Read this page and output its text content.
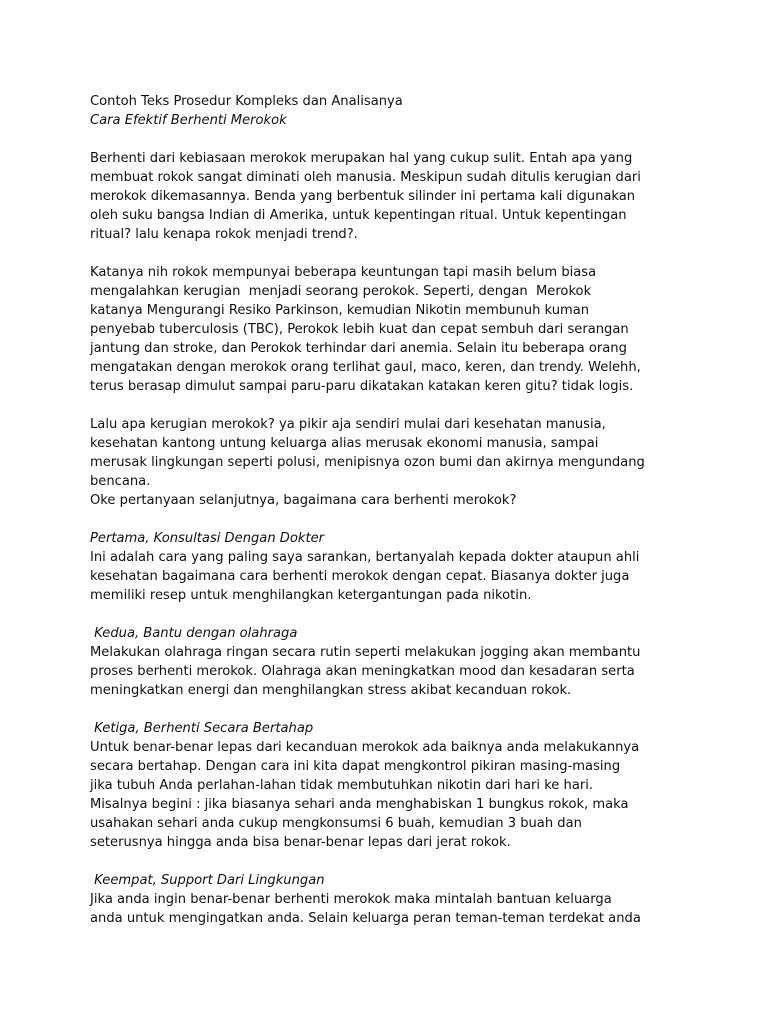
Contoh Teks Prosedur Kompleks dan Analisanya
Cara Efektif Berhenti Merokok
Berhenti dari kebiasaan merokok merupakan hal yang cukup sulit. Entah apa yang
membuat rokok sangat diminati oleh manusia. Meskipun sudah ditulis kerugian dari
merokok dikemasannya. Benda yang berbentuk silinder ini pertama kali digunakan
oleh suku bangsa Indian di Amerika, untuk kepentingan ritual. Untuk kepentingan
ritual? lalu kenapa rokok menjadi trend?.
Katanya nih rokok mempunyai beberapa keuntungan tapi masih belum biasa
mengalahkan kerugian  menjadi seorang perokok. Seperti, dengan  Merokok
katanya Mengurangi Resiko Parkinson, kemudian Nikotin membunuh kuman
penyebab tuberculosis (TBC), Perokok lebih kuat dan cepat sembuh dari serangan
jantung dan stroke, dan Perokok terhindar dari anemia. Selain itu beberapa orang
mengatakan dengan merokok orang terlihat gaul, maco, keren, dan trendy. Welehh,
terus berasap dimulut sampai paru-paru dikatakan katakan keren gitu? tidak logis.
Lalu apa kerugian merokok? ya pikir aja sendiri mulai dari kesehatan manusia,
kesehatan kantong untung keluarga alias merusak ekonomi manusia, sampai
merusak lingkungan seperti polusi, menipisnya ozon bumi dan akirnya mengundang
bencana.
Oke pertanyaan selanjutnya, bagaimana cara berhenti merokok?
Pertama, Konsultasi Dengan Dokter
Ini adalah cara yang paling saya sarankan, bertanyalah kepada dokter ataupun ahli
kesehatan bagaimana cara berhenti merokok dengan cepat. Biasanya dokter juga
memiliki resep untuk menghilangkan ketergantungan pada nikotin.
Kedua, Bantu dengan olahraga
Melakukan olahraga ringan secara rutin seperti melakukan jogging akan membantu
proses berhenti merokok. Olahraga akan meningkatkan mood dan kesadaran serta
meningkatkan energi dan menghilangkan stress akibat kecanduan rokok.
Ketiga, Berhenti Secara Bertahap
Untuk benar-benar lepas dari kecanduan merokok ada baiknya anda melakukannya
secara bertahap. Dengan cara ini kita dapat mengkontrol pikiran masing-masing
jika tubuh Anda perlahan-lahan tidak membutuhkan nikotin dari hari ke hari.
Misalnya begini : jika biasanya sehari anda menghabiskan 1 bungkus rokok, maka
usahakan sehari anda cukup mengkonsumsi 6 buah, kemudian 3 buah dan
seterusnya hingga anda bisa benar-benar lepas dari jerat rokok.
Keempat, Support Dari Lingkungan
Jika anda ingin benar-benar berhenti merokok maka mintalah bantuan keluarga
anda untuk mengingatkan anda. Selain keluarga peran teman-teman terdekat anda
